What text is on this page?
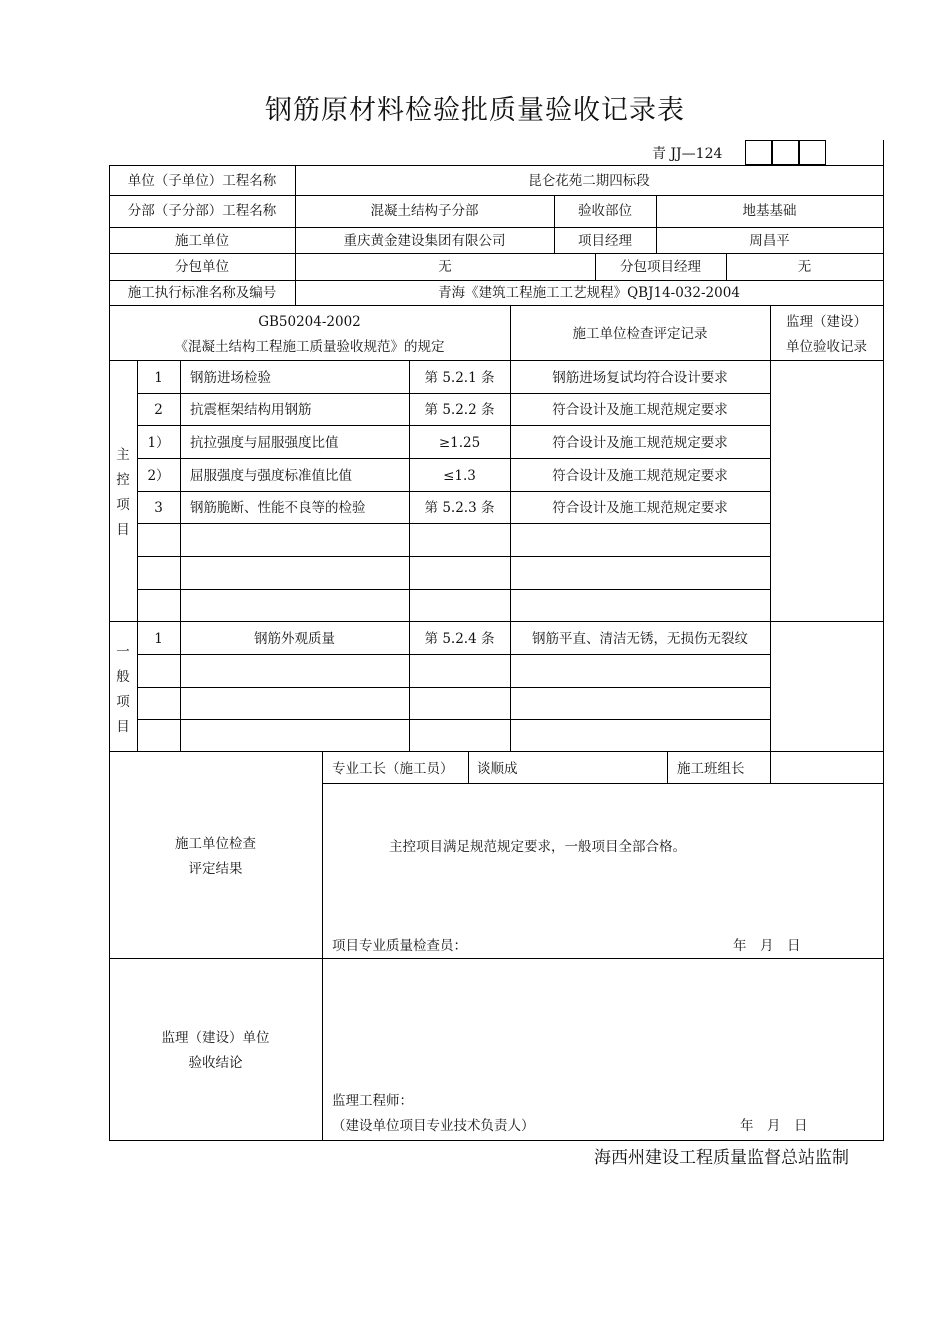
钢筋原材料检验批质量验收记录表
青 JJ—124
单位（子单位）工程名称	昆仑花苑二期四标段
分部（子分部）工程名称	混凝土结构子分部	验收部位	地基基础
施工单位	重庆黄金建设集团有限公司	项目经理	周昌平
分包单位	无	分包项目经理	无
施工执行标准名称及编号	青海《建筑工程施工工艺规程》QBJ14-032-2004
GB50204-2002
《混凝土结构工程施工质量验收规范》的规定
施工单位检查评定记录
监理（建设）
单位验收记录
主
控
项
目
1	钢筋进场检验	第 5.2.1 条	钢筋进场复试均符合设计要求
2	抗震框架结构用钢筋	第 5.2.2 条	符合设计及施工规范规定要求
1）	抗拉强度与屈服强度比值	≥1.25	符合设计及施工规范规定要求
2）	屈服强度与强度标准值比值	≤1.3	符合设计及施工规范规定要求
3	钢筋脆断、性能不良等的检验	第 5.2.3 条	符合设计及施工规范规定要求
一
般
项
目
1	钢筋外观质量	第 5.2.4 条	钢筋平直、清洁无锈，无损伤无裂纹
专业工长（施工员） 谈顺成	施工班组长
施工单位检查
评定结果
主控项目满足规范规定要求，一般项目全部合格。
项目专业质量检查员：	年　月　日
监理（建设）单位
验收结论
监理工程师：
（建设单位项目专业技术负责人）	年　月　日
海西州建设工程质量监督总站监制
